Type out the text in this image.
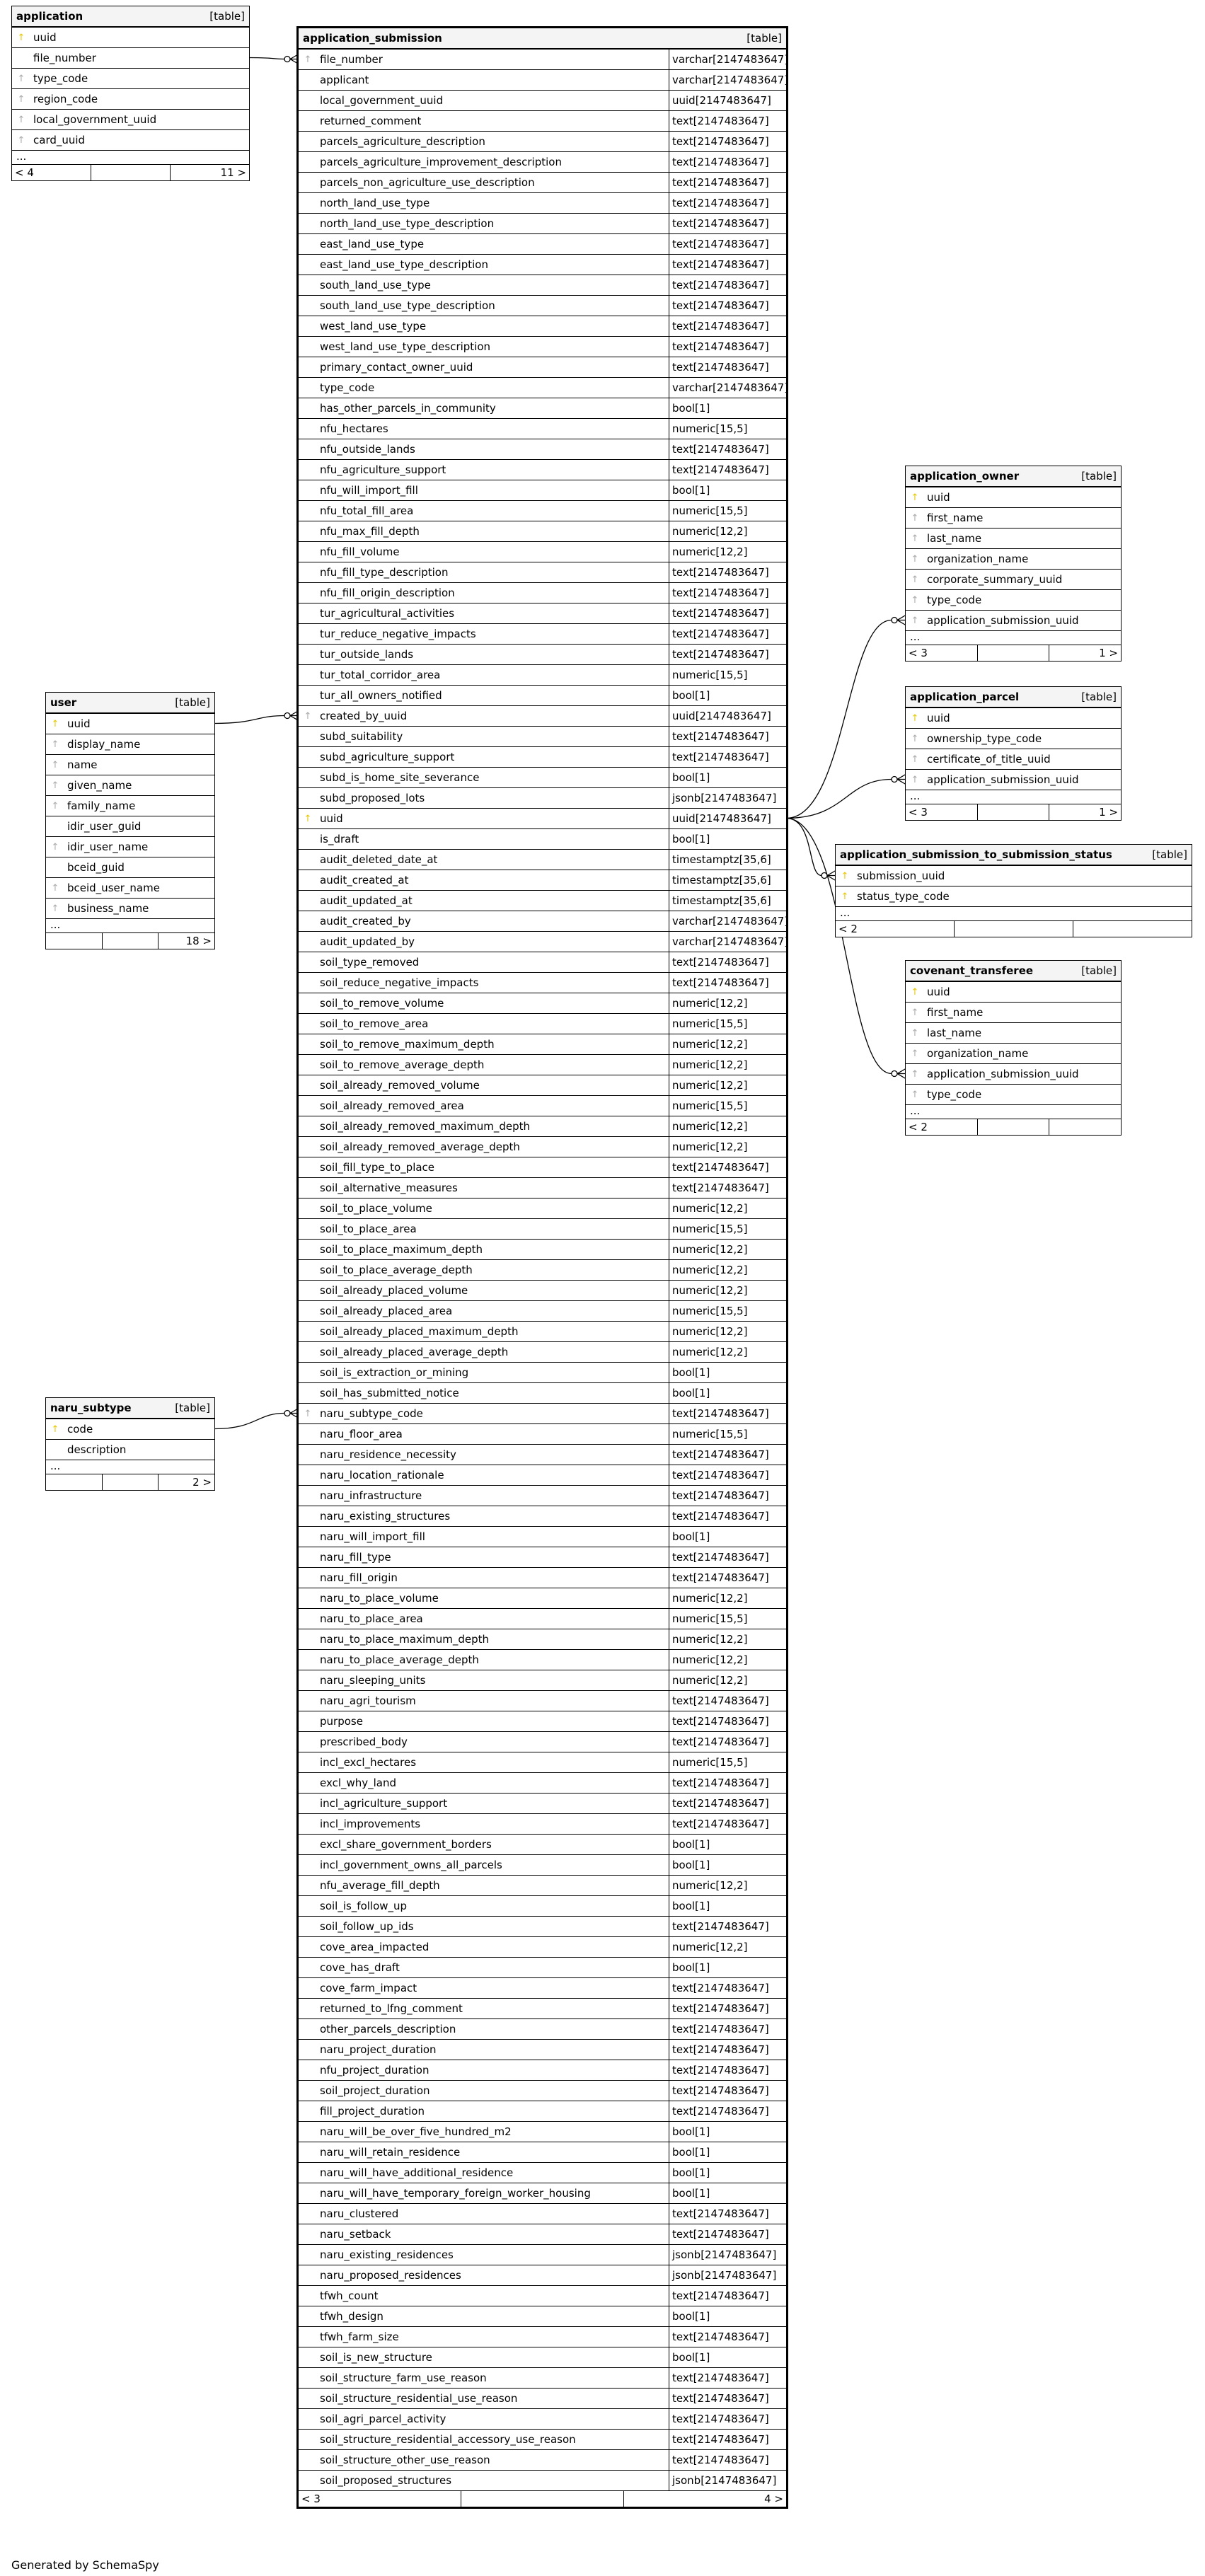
application	[table]
↑ uuid
file_number
↑ type_code
↑ region_code
↑ local_government_uuid
↑ card_uuid
...
< 4	11 >
user	[table]
↑ uuid
↑ display_name
↑ name
↑ given_name
↑ family_name
idir_user_guid
↑ idir_user_name
bceid_guid
↑ bceid_user_name
↑ business_name
...
18 >
naru_subtype	[table]
↑ code
description
...
2 >
application_submission	[table]
↑ file_number	varchar[2147483647]
applicant	varchar[2147483647]
local_government_uuid	uuid[2147483647]
returned_comment	text[2147483647]
parcels_agriculture_description	text[2147483647]
parcels_agriculture_improvement_description	text[2147483647]
parcels_non_agriculture_use_description	text[2147483647]
north_land_use_type	text[2147483647]
north_land_use_type_description	text[2147483647]
east_land_use_type	text[2147483647]
east_land_use_type_description	text[2147483647]
south_land_use_type	text[2147483647]
south_land_use_type_description	text[2147483647]
west_land_use_type	text[2147483647]
west_land_use_type_description	text[2147483647]
primary_contact_owner_uuid	text[2147483647]
type_code	varchar[2147483647]
has_other_parcels_in_community	bool[1]
nfu_hectares	numeric[15,5]
nfu_outside_lands	text[2147483647]
nfu_agriculture_support	text[2147483647]
nfu_will_import_fill	bool[1]
nfu_total_fill_area	numeric[15,5]
nfu_max_fill_depth	numeric[12,2]
nfu_fill_volume	numeric[12,2]
nfu_fill_type_description	text[2147483647]
nfu_fill_origin_description	text[2147483647]
tur_agricultural_activities	text[2147483647]
tur_reduce_negative_impacts	text[2147483647]
tur_outside_lands	text[2147483647]
tur_total_corridor_area	numeric[15,5]
tur_all_owners_notified	bool[1]
↑ created_by_uuid	uuid[2147483647]
subd_suitability	text[2147483647]
subd_agriculture_support	text[2147483647]
subd_is_home_site_severance	bool[1]
subd_proposed_lots	jsonb[2147483647]
↑ uuid	uuid[2147483647]
is_draft	bool[1]
audit_deleted_date_at	timestamptz[35,6]
audit_created_at	timestamptz[35,6]
audit_updated_at	timestamptz[35,6]
audit_created_by	varchar[2147483647]
audit_updated_by	varchar[2147483647]
soil_type_removed	text[2147483647]
soil_reduce_negative_impacts	text[2147483647]
soil_to_remove_volume	numeric[12,2]
soil_to_remove_area	numeric[15,5]
soil_to_remove_maximum_depth	numeric[12,2]
soil_to_remove_average_depth	numeric[12,2]
soil_already_removed_volume	numeric[12,2]
soil_already_removed_area	numeric[15,5]
soil_already_removed_maximum_depth	numeric[12,2]
soil_already_removed_average_depth	numeric[12,2]
soil_fill_type_to_place	text[2147483647]
soil_alternative_measures	text[2147483647]
soil_to_place_volume	numeric[12,2]
soil_to_place_area	numeric[15,5]
soil_to_place_maximum_depth	numeric[12,2]
soil_to_place_average_depth	numeric[12,2]
soil_already_placed_volume	numeric[12,2]
soil_already_placed_area	numeric[15,5]
soil_already_placed_maximum_depth	numeric[12,2]
soil_already_placed_average_depth	numeric[12,2]
soil_is_extraction_or_mining	bool[1]
soil_has_submitted_notice	bool[1]
↑ naru_subtype_code	text[2147483647]
naru_floor_area	numeric[15,5]
naru_residence_necessity	text[2147483647]
naru_location_rationale	text[2147483647]
naru_infrastructure	text[2147483647]
naru_existing_structures	text[2147483647]
naru_will_import_fill	bool[1]
naru_fill_type	text[2147483647]
naru_fill_origin	text[2147483647]
naru_to_place_volume	numeric[12,2]
naru_to_place_area	numeric[15,5]
naru_to_place_maximum_depth	numeric[12,2]
naru_to_place_average_depth	numeric[12,2]
naru_sleeping_units	numeric[12,2]
naru_agri_tourism	text[2147483647]
purpose	text[2147483647]
prescribed_body	text[2147483647]
incl_excl_hectares	numeric[15,5]
excl_why_land	text[2147483647]
incl_agriculture_support	text[2147483647]
incl_improvements	text[2147483647]
excl_share_government_borders	bool[1]
incl_government_owns_all_parcels	bool[1]
nfu_average_fill_depth	numeric[12,2]
soil_is_follow_up	bool[1]
soil_follow_up_ids	text[2147483647]
cove_area_impacted	numeric[12,2]
cove_has_draft	bool[1]
cove_farm_impact	text[2147483647]
returned_to_lfng_comment	text[2147483647]
other_parcels_description	text[2147483647]
naru_project_duration	text[2147483647]
nfu_project_duration	text[2147483647]
soil_project_duration	text[2147483647]
fill_project_duration	text[2147483647]
naru_will_be_over_five_hundred_m2	bool[1]
naru_will_retain_residence	bool[1]
naru_will_have_additional_residence	bool[1]
naru_will_have_temporary_foreign_worker_housing	bool[1]
naru_clustered	text[2147483647]
naru_setback	text[2147483647]
naru_existing_residences	jsonb[2147483647]
naru_proposed_residences	jsonb[2147483647]
tfwh_count	text[2147483647]
tfwh_design	bool[1]
tfwh_farm_size	text[2147483647]
soil_is_new_structure	bool[1]
soil_structure_farm_use_reason	text[2147483647]
soil_structure_residential_use_reason	text[2147483647]
soil_agri_parcel_activity	text[2147483647]
soil_structure_residential_accessory_use_reason	text[2147483647]
soil_structure_other_use_reason	text[2147483647]
soil_proposed_structures	jsonb[2147483647]
< 3	4 >
application_owner	[table]
↑ uuid
↑ first_name
↑ last_name
↑ organization_name
↑ corporate_summary_uuid
↑ type_code
↑ application_submission_uuid
...
< 3	1 >
application_parcel	[table]
↑ uuid
↑ ownership_type_code
↑ certificate_of_title_uuid
↑ application_submission_uuid
...
< 3	1 >
application_submission_to_submission_status	[table]
↑ submission_uuid
↑ status_type_code
...
< 2
covenant_transferee	[table]
↑ uuid
↑ first_name
↑ last_name
↑ organization_name
↑ application_submission_uuid
↑ type_code
...
< 2
Generated by SchemaSpy
